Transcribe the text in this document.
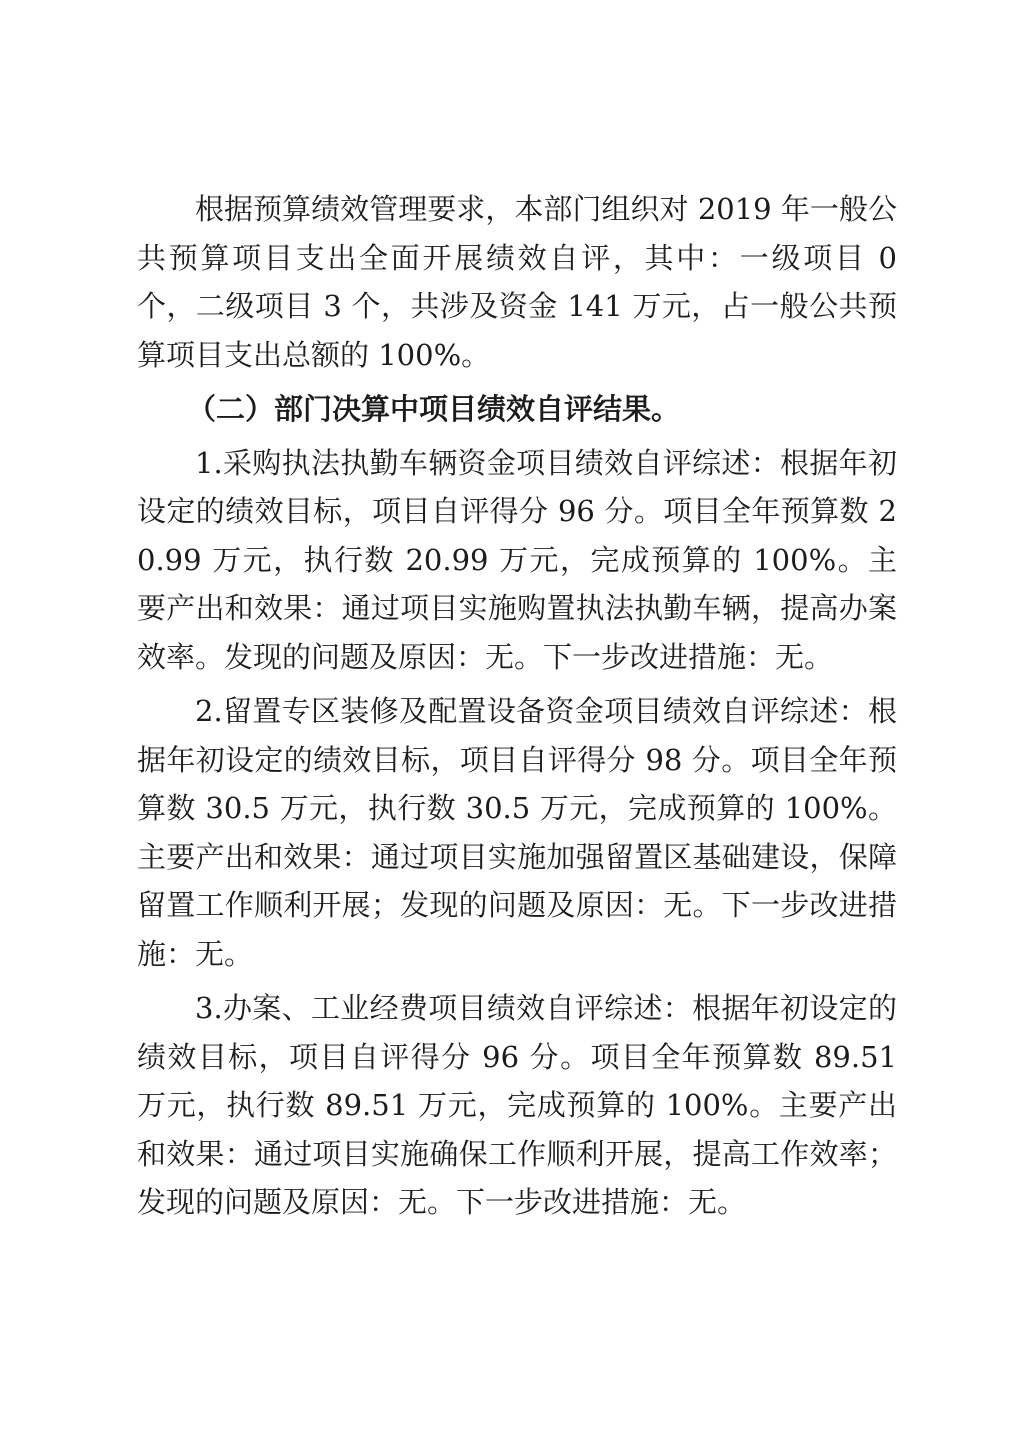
根据预算绩效管理要求，本部门组织对 2019 年一般公共预算项目支出全面开展绩效自评，其中：一级项目 0 个，二级项目 3 个，共涉及资金 141 万元，占一般公共预算项目支出总额的 100%。

（二）部门决算中项目绩效自评结果。

1.采购执法执勤车辆资金项目绩效自评综述：根据年初设定的绩效目标，项目自评得分 96 分。项目全年预算数 20.99 万元，执行数 20.99 万元，完成预算的 100%。主要产出和效果：通过项目实施购置执法执勤车辆，提高办案效率。发现的问题及原因：无。下一步改进措施：无。

2.留置专区装修及配置设备资金项目绩效自评综述：根据年初设定的绩效目标，项目自评得分 98 分。项目全年预算数 30.5 万元，执行数 30.5 万元，完成预算的 100%。主要产出和效果：通过项目实施加强留置区基础建设，保障留置工作顺利开展；发现的问题及原因：无。下一步改进措施：无。

3.办案、工业经费项目绩效自评综述：根据年初设定的绩效目标，项目自评得分 96 分。项目全年预算数 89.51 万元，执行数 89.51 万元，完成预算的 100%。主要产出和效果：通过项目实施确保工作顺利开展，提高工作效率；发现的问题及原因：无。下一步改进措施：无。
